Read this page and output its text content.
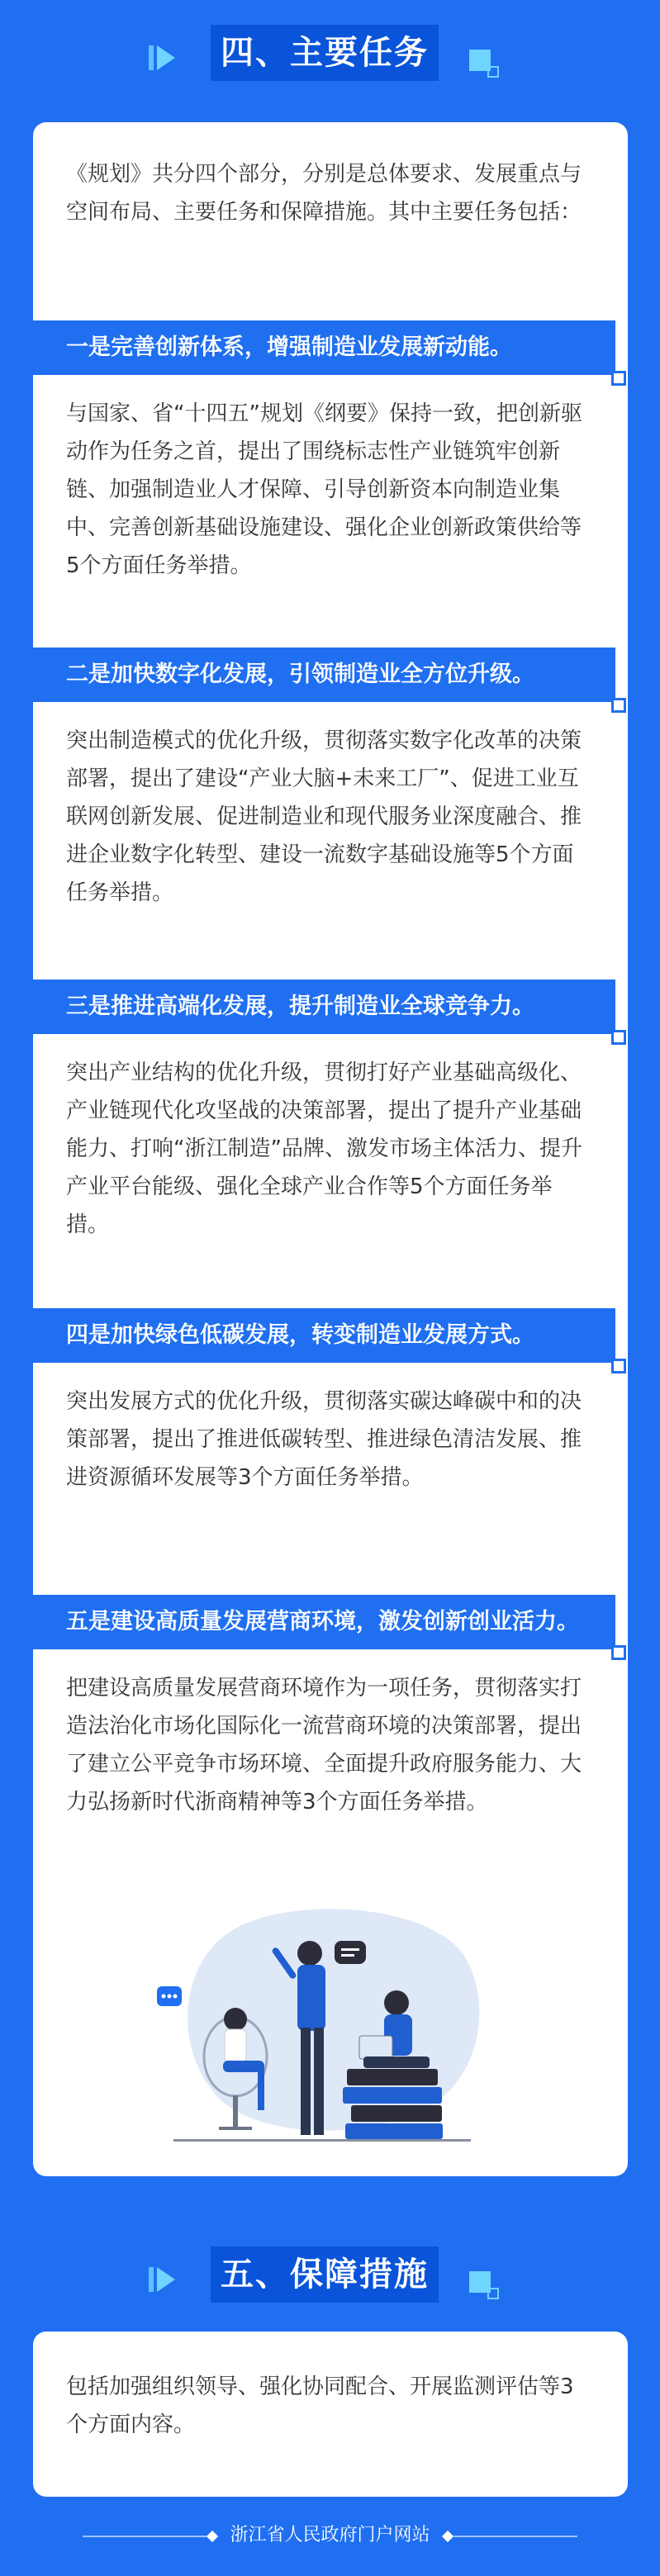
四、主要任务

《规划》共分四个部分，分别是总体要求、发展重点与空间布局、主要任务和保障措施。其中主要任务包括：

一是完善创新体系，增强制造业发展新动能。

与国家、省“十四五”规划《纲要》保持一致，把创新驱动作为任务之首，提出了围绕标志性产业链筑牢创新链、加强制造业人才保障、引导创新资本向制造业集中、完善创新基础设施建设、强化企业创新政策供给等5个方面任务举措。

二是加快数字化发展，引领制造业全方位升级。

突出制造模式的优化升级，贯彻落实数字化改革的决策部署，提出了建设“产业大脑+未来工厂”、促进工业互联网创新发展、促进制造业和现代服务业深度融合、推进企业数字化转型、建设一流数字基础设施等5个方面任务举措。

三是推进高端化发展，提升制造业全球竞争力。

突出产业结构的优化升级，贯彻打好产业基础高级化、产业链现代化攻坚战的决策部署，提出了提升产业基础能力、打响“浙江制造”品牌、激发市场主体活力、提升产业平台能级、强化全球产业合作等5个方面任务举措。

四是加快绿色低碳发展，转变制造业发展方式。

突出发展方式的优化升级，贯彻落实碳达峰碳中和的决策部署，提出了推进低碳转型、推进绿色清洁发展、推进资源循环发展等3个方面任务举措。

五是建设高质量发展营商环境，激发创新创业活力。

把建设高质量发展营商环境作为一项任务，贯彻落实打造法治化市场化国际化一流营商环境的决策部署，提出了建立公平竞争市场环境、全面提升政府服务能力、大力弘扬新时代浙商精神等3个方面任务举措。

五、保障措施

包括加强组织领导、强化协同配合、开展监测评估等3个方面内容。

浙江省人民政府门户网站
